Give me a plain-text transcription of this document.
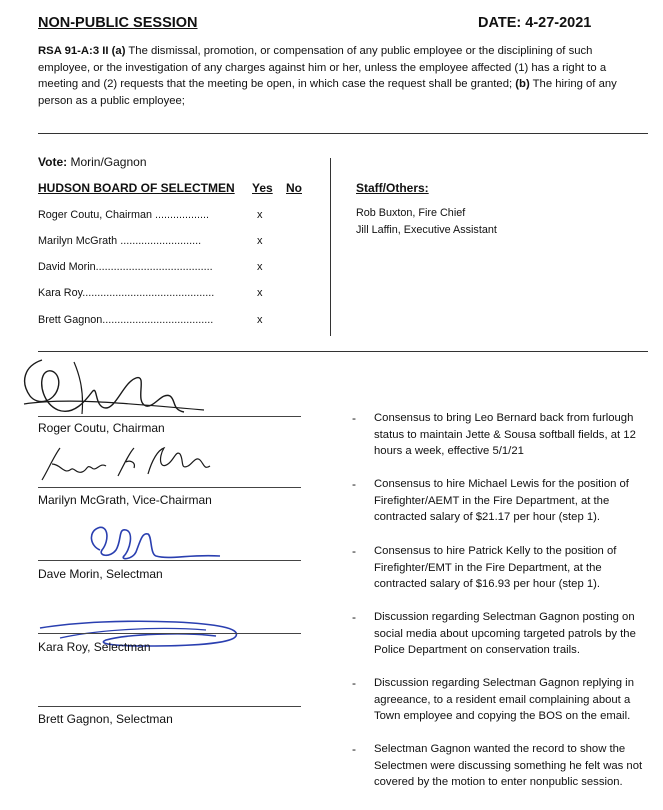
NON-PUBLIC SESSION	DATE: 4-27-2021
RSA 91-A:3 II (a) The dismissal, promotion, or compensation of any public employee or the disciplining of such employee, or the investigation of any charges against him or her, unless the employee affected (1) has a right to a meeting and (2) requests that the meeting be open, in which case the request shall be granted; (b) The hiring of any person as a public employee;
Vote: Morin/Gagnon
HUDSON BOARD OF SELECTMEN Yes No	Staff/Others:
Roger Coutu, Chairman ..................	x
Marilyn McGrath ...........................	x
David Morin.......................................	x
Kara Roy............................................	x
Brett Gagnon.....................................	x
Rob Buxton, Fire Chief
Jill Laffin, Executive Assistant
Roger Coutu, Chairman
Marilyn McGrath, Vice-Chairman
Dave Morin, Selectman
Kara Roy, Selectman
Brett Gagnon, Selectman
- Consensus to bring Leo Bernard back from furlough status to maintain Jette & Sousa softball fields, at 12 hours a week, effective 5/1/21
- Consensus to hire Michael Lewis for the position of Firefighter/AEMT in the Fire Department, at the contracted salary of $21.17 per hour (step 1).
- Consensus to hire Patrick Kelly to the position of Firefighter/EMT in the Fire Department, at the contracted salary of $16.93 per hour (step 1).
- Discussion regarding Selectman Gagnon posting on social media about upcoming targeted patrols by the Police Department on conservation trails.
- Discussion regarding Selectman Gagnon replying in agreeance, to a resident email complaining about a Town employee and copying the BOS on the email.
- Selectman Gagnon wanted the record to show the Selectmen were discussing something he felt was not covered by the motion to enter nonpublic session.
